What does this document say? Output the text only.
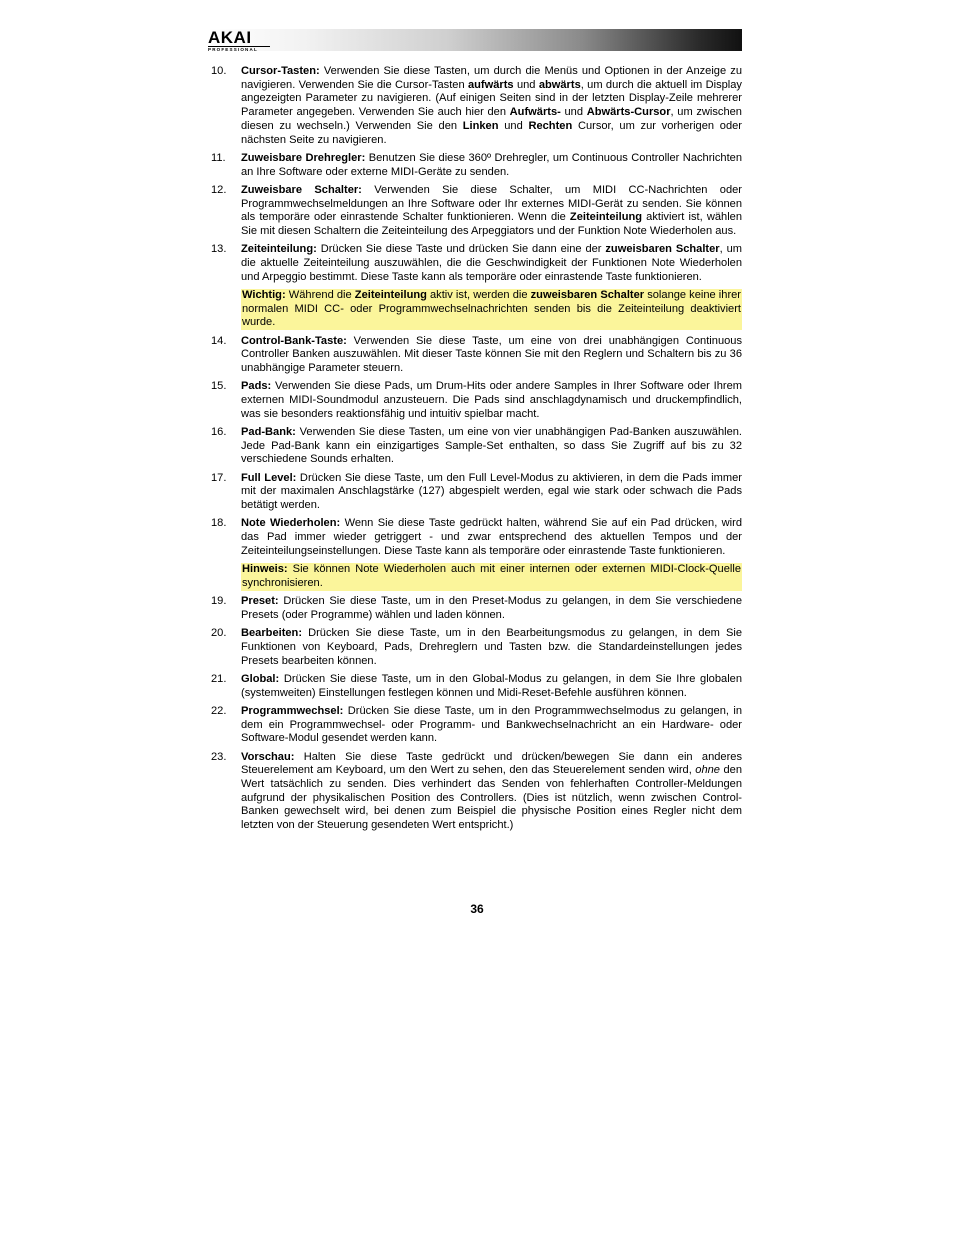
AKAI
PROFESSIONAL
10.	Cursor-Tasten: Verwenden Sie diese Tasten, um durch die Menüs und Optionen in der Anzeige zu navigieren. Verwenden Sie die Cursor-Tasten aufwärts und abwärts, um durch die aktuell im Display angezeigten Parameter zu navigieren. (Auf einigen Seiten sind in der letzten Display-Zeile mehrerer Parameter angegeben. Verwenden Sie auch hier den Aufwärts- und Abwärts-Cursor, um zwischen diesen zu wechseln.) Verwenden Sie den Linken und Rechten Cursor, um zur vorherigen oder nächsten Seite zu navigieren.
11.	Zuweisbare Drehregler: Benutzen Sie diese 360º Drehregler, um Continuous Controller Nachrichten an Ihre Software oder externe MIDI-Geräte zu senden.
12.	Zuweisbare Schalter: Verwenden Sie diese Schalter, um MIDI CC-Nachrichten oder Programmwechselmeldungen an Ihre Software oder Ihr externes MIDI-Gerät zu senden. Sie können als temporäre oder einrastende Schalter funktionieren. Wenn die Zeiteinteilung aktiviert ist, wählen Sie mit diesen Schaltern die Zeiteinteilung des Arpeggiators und der Funktion Note Wiederholen aus.
13.	Zeiteinteilung: Drücken Sie diese Taste und drücken Sie dann eine der zuweisbaren Schalter, um die aktuelle Zeiteinteilung auszuwählen, die die Geschwindigkeit der Funktionen Note Wiederholen und Arpeggio bestimmt. Diese Taste kann als temporäre oder einrastende Taste funktionieren.
Wichtig: Während die Zeiteinteilung aktiv ist, werden die zuweisbaren Schalter solange keine ihrer normalen MIDI CC- oder Programmwechselnachrichten senden bis die Zeiteinteilung deaktiviert wurde.
14.	Control-Bank-Taste: Verwenden Sie diese Taste, um eine von drei unabhängigen Continuous Controller Banken auszuwählen. Mit dieser Taste können Sie mit den Reglern und Schaltern bis zu 36 unabhängige Parameter steuern.
15.	Pads: Verwenden Sie diese Pads, um Drum-Hits oder andere Samples in Ihrer Software oder Ihrem externen MIDI-Soundmodul anzusteuern. Die Pads sind anschlagdynamisch und druckempfindlich, was sie besonders reaktionsfähig und intuitiv spielbar macht.
16.	Pad-Bank: Verwenden Sie diese Tasten, um eine von vier unabhängigen Pad-Banken auszuwählen. Jede Pad-Bank kann ein einzigartiges Sample-Set enthalten, so dass Sie Zugriff auf bis zu 32 verschiedene Sounds erhalten.
17.	Full Level: Drücken Sie diese Taste, um den Full Level-Modus zu aktivieren, in dem die Pads immer mit der maximalen Anschlagstärke (127) abgespielt werden, egal wie stark oder schwach die Pads betätigt werden.
18.	Note Wiederholen: Wenn Sie diese Taste gedrückt halten, während Sie auf ein Pad drücken, wird das Pad immer wieder getriggert - und zwar entsprechend des aktuellen Tempos und der Zeiteinteilungseinstellungen. Diese Taste kann als temporäre oder einrastende Taste funktionieren.
Hinweis: Sie können Note Wiederholen auch mit einer internen oder externen MIDI-Clock-Quelle synchronisieren.
19.	Preset: Drücken Sie diese Taste, um in den Preset-Modus zu gelangen, in dem Sie verschiedene Presets (oder Programme) wählen und laden können.
20.	Bearbeiten: Drücken Sie diese Taste, um in den Bearbeitungsmodus zu gelangen, in dem Sie Funktionen von Keyboard, Pads, Drehreglern und Tasten bzw. die Standardeinstellungen jedes Presets bearbeiten können.
21.	Global: Drücken Sie diese Taste, um in den Global-Modus zu gelangen, in dem Sie Ihre globalen (systemweiten) Einstellungen festlegen können und Midi-Reset-Befehle ausführen können.
22.	Programmwechsel: Drücken Sie diese Taste, um in den Programmwechselmodus zu gelangen, in dem ein Programmwechsel- oder Programm- und Bankwechselnachricht an ein Hardware- oder Software-Modul gesendet werden kann.
23.	Vorschau: Halten Sie diese Taste gedrückt und drücken/bewegen Sie dann ein anderes Steuerelement am Keyboard, um den Wert zu sehen, den das Steuerelement senden wird, ohne den Wert tatsächlich zu senden. Dies verhindert das Senden von fehlerhaften Controller-Meldungen aufgrund der physikalischen Position des Controllers. (Dies ist nützlich, wenn zwischen Control-Banken gewechselt wird, bei denen zum Beispiel die physische Position eines Regler nicht dem letzten von der Steuerung gesendeten Wert entspricht.)
36
